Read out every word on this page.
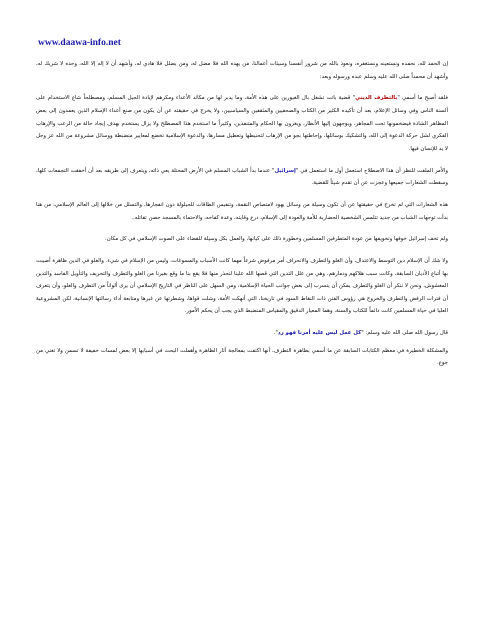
www.daawa-info.net

إن الحمد لله، نحمده ونستعينه ونستغفره، ونعوذ بالله من شرور أنفسنا وسيئات أعمالنا، من يهده الله فلا مضل له، ومن يضلل فلا هادي له، وأشهد أن لا إله إلا الله، وحده لا شريك له، وأشهد أن محمداً صلى الله عليه وسلم عبده ورسوله وبعد:

فلقد أصبح ما أسمي "بالتطرف الديني" قضية باتت تشغل بال الغيورين على هذه الأمة، وما يدبر لها من مكائد الأعداء ومكرهم لإبادة الجيل المسلم، ومصطلحاً شاع الاستخدام على ألسنة الناس وفي وسائل الإعلام، بعد أن تأكيده الكثير من الكتاب والصحفيين والمثقفين والسياسيين، ولا يخرج في حقيقته عن أن يكون من صنع أعداء الإسلام الذين يعمدون إلى بعض المظاهر الشاذة فيضخمونها تحت المجاهر، ويوجهون إليها الأنظار، ويغرون بها الحكام والمتنفذين، وكثيراً ما استخدم هذا المصطلح ولا يزال يستخدم بهدف إيجاد حالة من الرعب والإرهاب الفكري لشل حركة الدعوة إلى الله، والتشكيك بوسائلها، وإحاطتها بجو من الإرهاب لتحنيطها وتعطيل مسارها، والدعوة الإسلامية تخضع لمعايير منضبطة ووسائل مشروعة من الله عز وجل لا يد للإنسان فيها.

والأمر الملفت للنظر أن هذا الاصطلاح استعمل أول ما استعمل في "إسرائيل" عندما بدأ الشباب المسلم في الأرض المحتلة يعي ذاته، ويتعرف إلى طريقه بعد أن أخفقت التجمعات كلها، وسقطت الشعارات جميعها وعجزت عن أن تقدم شيئاً للقضية.

هذه الشعارات التي لم تخرج في حقيقتها عن أن تكون وسيلة من وسائل يهود لامتصاص النقمة، وتنفيس الطاقات للحيلولة دون انفجارها، والتسلل من خلالها إلى العالم الإسلامي، من هنا بدأت توجهات الشباب من جديد تتلمس الشخصية الحضارية للأمة والعودة إلى الإسلام، درع وقايته، وعدة كفاحه، والاحتماء بالمسجد حصن تقاتله..

ولم تخف إسرائيل خوفها وتخويفها من عودة المتطرفين المسلمين وخطورة ذلك على كيانها، والعمل بكل وسيلة للقضاء على الصوت الإسلامي في كل مكان.

ولا شك أن الإسلام دين التوسط والاعتدال، وأن الغلو والتطرف والانحراف أمر مرفوض شرعاً مهما كانت الأسباب والمسوغات، وليس من الإسلام في شيء. والغلو في الدين ظاهرة أصيبت بها أتباع الأديان السابقة، وكانت سبب هلاكهم ودمارهم، وهي من علل التدين التي قصها الله علينا لنحذر منها فلا يقع بنا ما وقع بغيرنا من الغلو والتطرف والتحريف والتأويل الفاسد والتدين المغشوش، ونحن لا ننكر أن الغلو والتطرف يمكن أن يتسرب إلى بعض جوانب الحياة الإسلامية، ومن السهل على الناظر في التاريخ الإسلامي أن يرى ألواناً من التطرف والغلو، وأن يتعرف أن فترات الرفض والتطرف والخروج هي رؤوس الفتن ذات النقاط السود في تاريخنا، التي أنهكت الأمة، وشلت قواها، وشطرتها عن غيرها ومتابعة أداء رسالتها الإنسانية، لكن المشروعية العليا في حياة المسلمين كانت دائماً للكتاب والسنة، وهما المعيار الدقيق والمقياس المنضبط الذي يجب أن يحكم الأمور.

قال رسول الله صلى الله عليه وسلم: "كل عمل ليس عليه أمرنا فهو رد".

والمشكلة الخطيرة في معظم الكتابات السابقة عن ما أسمي بظاهرة التطرف، أنها اكتفت بمعالجة آثار الظاهرة وأهملت البحث في أسبابها إلا بعض لمسات خفيفة لا تسمن ولا تغني من جوع.
